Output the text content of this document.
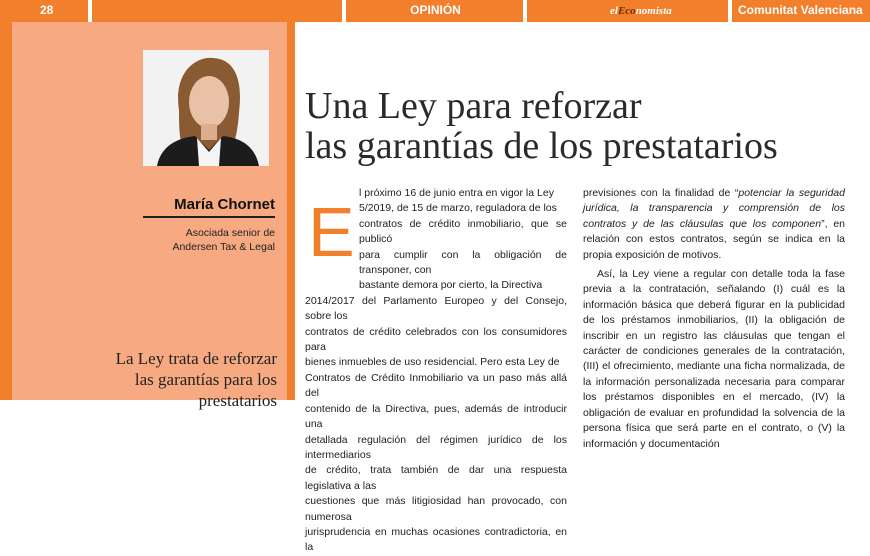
28	OPINIÓN	elEconomista	Comunitat Valenciana
María Chornet
Asociada senior de
Andersen Tax & Legal
La Ley trata de reforzar las garantías para los prestatarios
Una Ley para reforzar
las garantías de los prestatarios
E l próximo 16 de junio entra en vigor la Ley
5/2019, de 15 de marzo, reguladora de los
contratos de crédito inmobiliario, que se publicó
para cumplir con la obligación de transponer, con
bastante demora por cierto, la Directiva
2014/2017 del Parlamento Europeo y del Consejo, sobre los
contratos de crédito celebrados con los consumidores para
bienes inmuebles de uso residencial. Pero esta Ley de
Contratos de Crédito Inmobiliario va un paso más allá del
contenido de la Directiva, pues, además de introducir una
detallada regulación del régimen jurídico de los intermediarios
de crédito, trata también de dar una respuesta legislativa a las
cuestiones que más litigiosidad han provocado, con numerosa
jurisprudencia en muchas ocasiones contradictoria, en la

previsiones con la finalidad de “potenciar la seguridad jurídica, la transparencia y comprensión de los contratos y de las cláusulas que los componen”, en relación con estos contratos, según se indica en la propia exposición de motivos.

Así, la Ley viene a regular con detalle toda la fase previa a la contratación, señalando (I) cuál es la información básica que deberá figurar en la publicidad de los préstamos inmobiliarios, (II) la obligación de inscribir en un registro las cláusulas que tengan el carácter de condiciones generales de la contratación, (III) el ofrecimiento, mediante una ficha normalizada, de la información personalizada necesaria para comparar los préstamos disponibles en el mercado, (IV) la obligación de evaluar en profundidad la solvencia de la persona física que será parte en el contrato, o (V) la información y documentación
